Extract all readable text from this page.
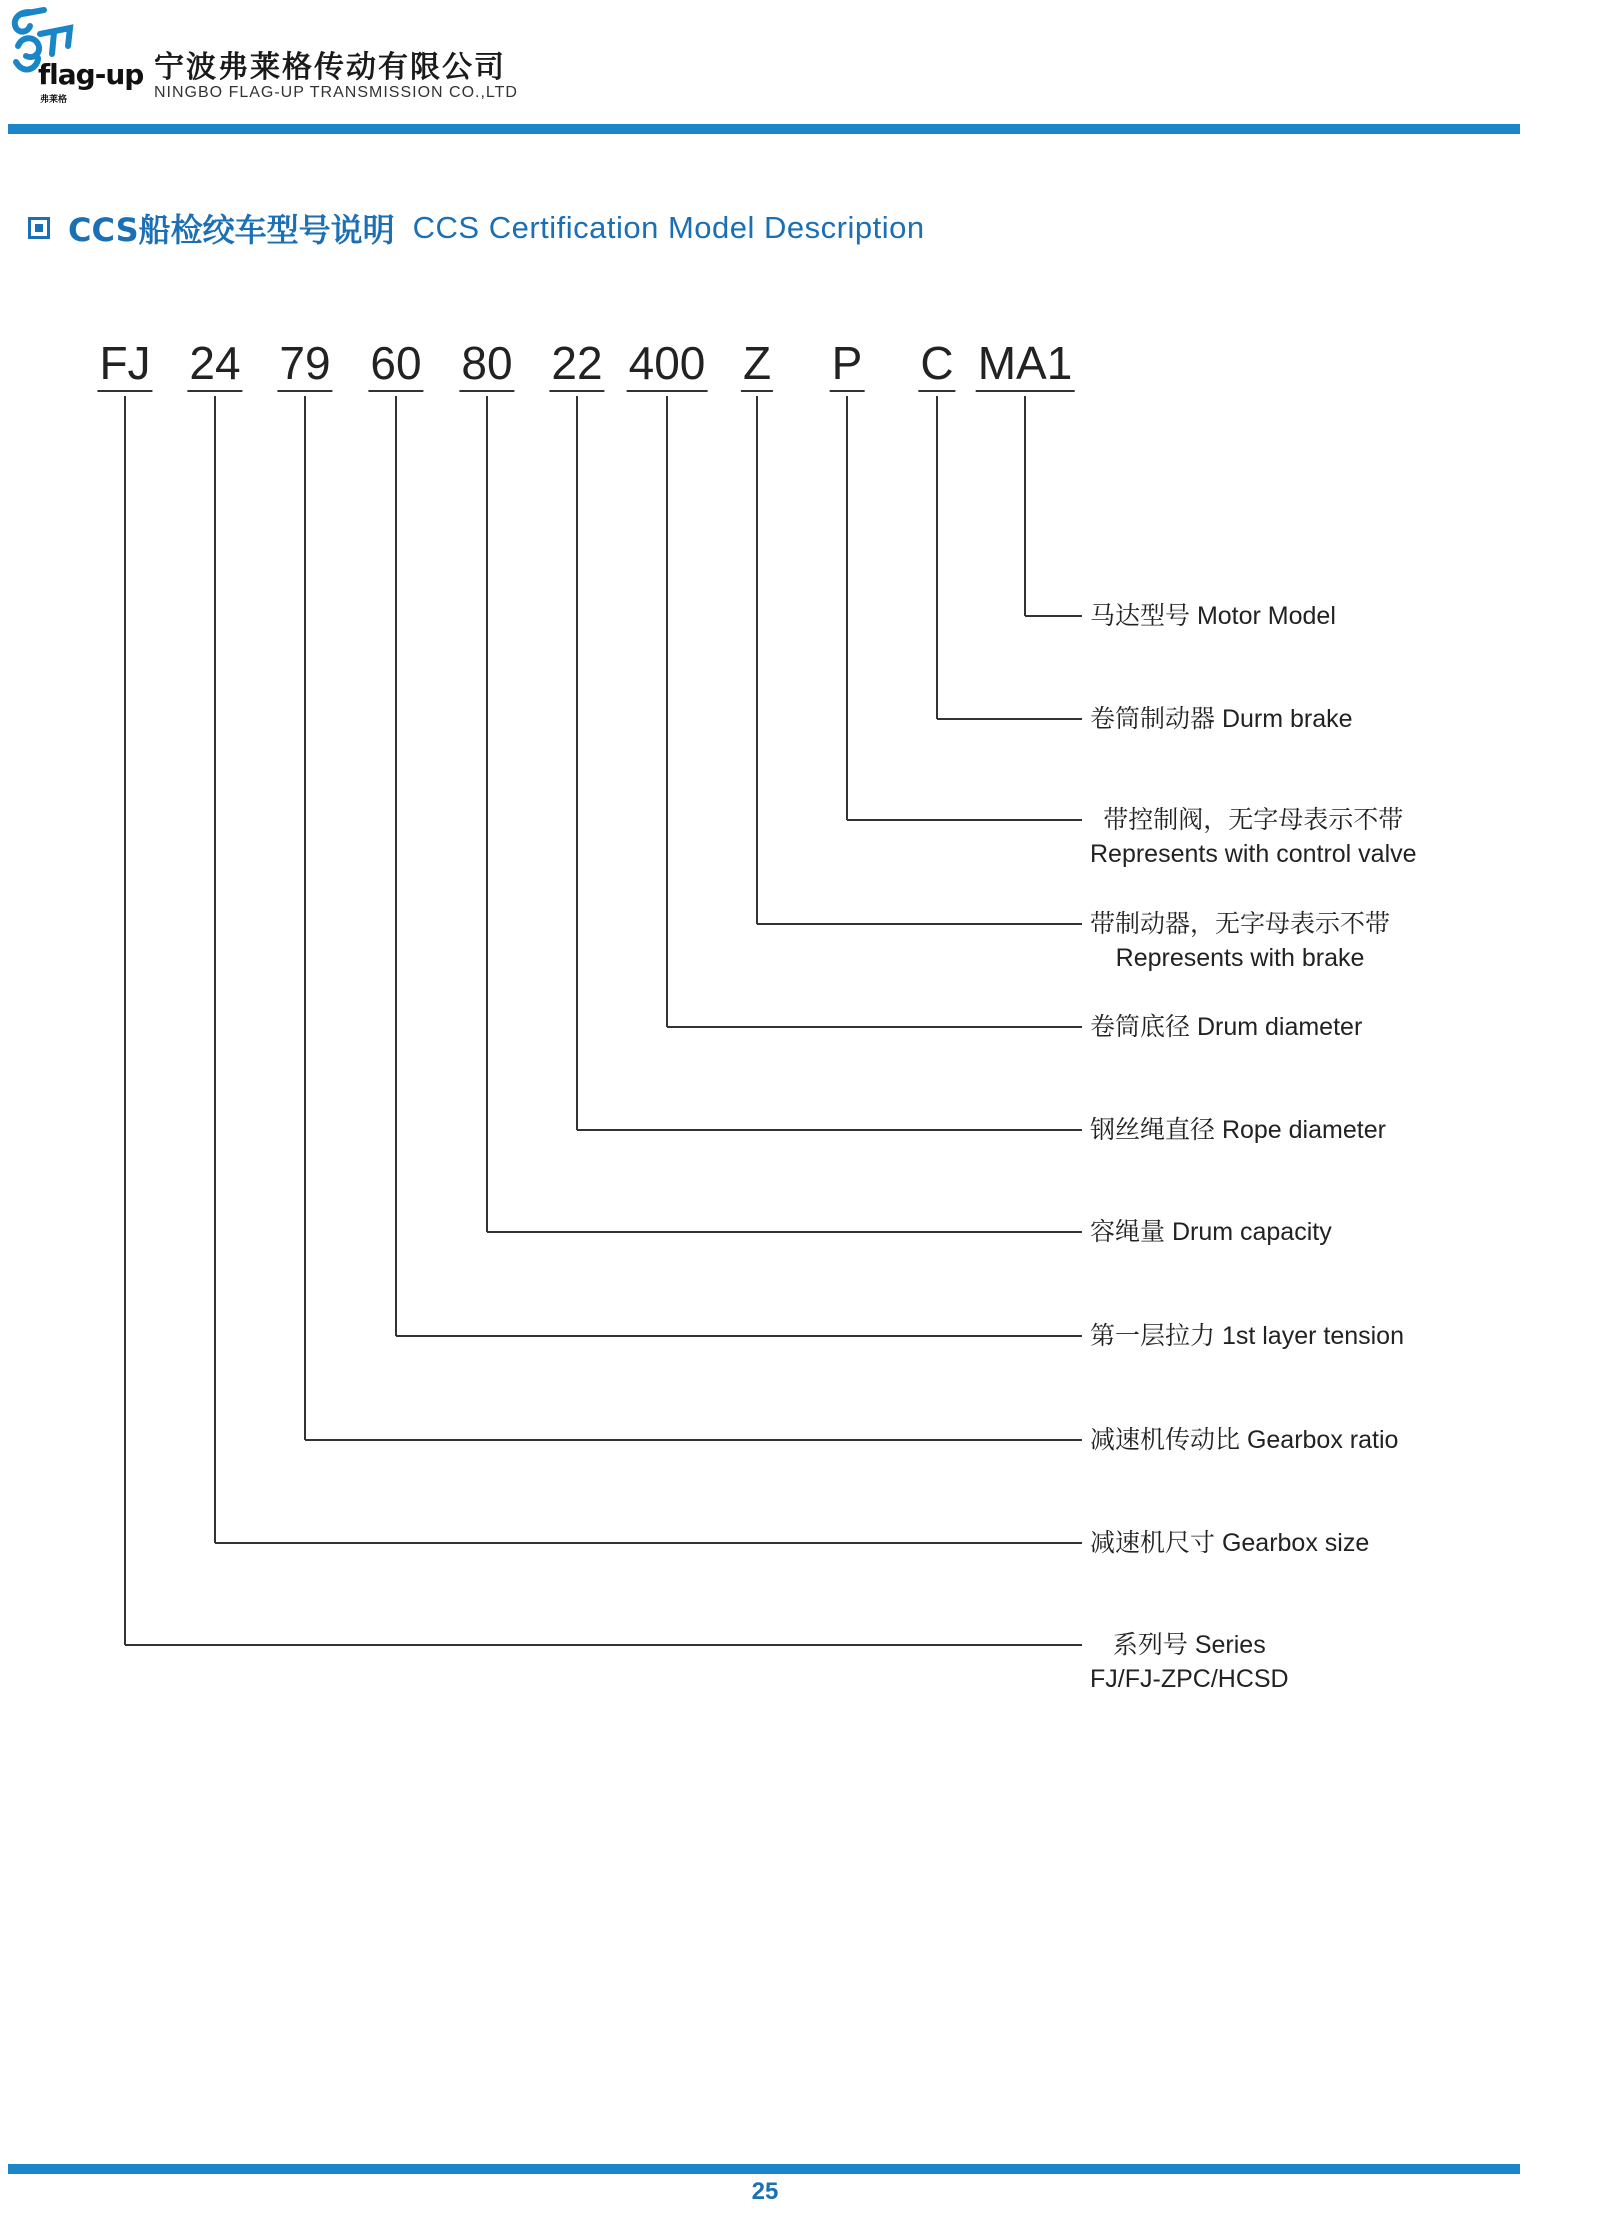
flag-up
弗莱格
宁波弗莱格传动有限公司
NINGBO FLAG-UP TRANSMISSION CO.,LTD
CCS船检绞车型号说明 CCS Certification Model Description
FJ
系列号 Series
FJ/FJ-ZPC/HCSD
24
减速机尺寸 Gearbox size
79
减速机传动比 Gearbox ratio
60
第一层拉力 1st layer tension
80
容绳量 Drum capacity
22
钢丝绳直径 Rope diameter
400
卷筒底径 Drum diameter
Z
带制动器，无字母表示不带
Represents with brake
P
带控制阀，无字母表示不带
Represents with control valve
C
卷筒制动器 Durm brake
MA1
马达型号 Motor Model
25
